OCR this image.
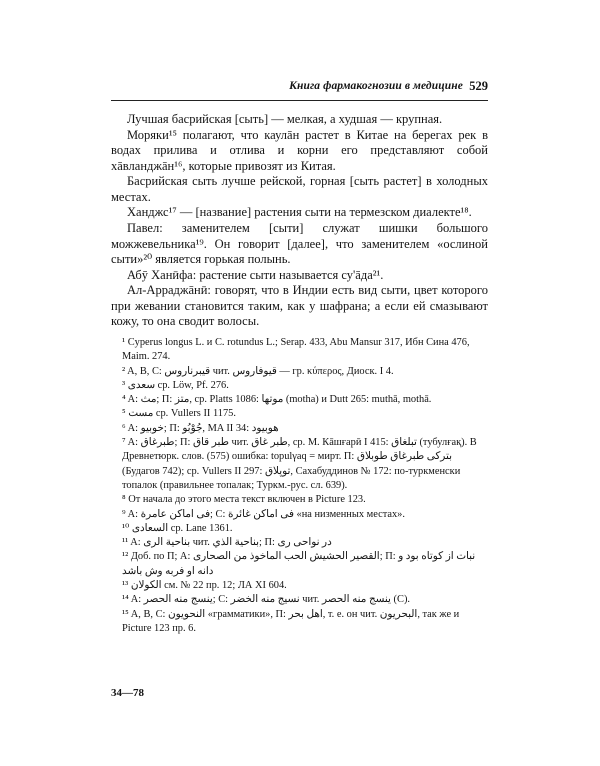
Книга фармакогнозии в медицине 529

Лучшая басрийская [сыть] — мелкая, а худшая — крупная.

Моряки¹⁵ полагают, что каулāн растет в Китае на берегах рек в водах прилива и отлива и корни его представляют собой хāвланджāн¹⁶, которые привозят из Китая.

Басрийская сыть лучше рейской, горная [сыть растет] в холодных местах.

Ханджс¹⁷ — [название] растения сыти на термезском диалекте¹⁸.

Павел: заменителем [сыти] служат шишки большого можжевельника¹⁹. Он говорит [далее], что заменителем «ослиной сыти»²⁰ является горькая полынь.

Абӯ Ханӣфа: растение сыти называется су'āда²¹.

Ал-Арраджāнӣ: говорят, что в Индии есть вид сыти, цвет которого при жевании становится таким, как у шафрана; а если ей смазывают кожу, то она сводит волосы.

¹ Cyperus longus L. и C. rotundus L.; Serap. 433, Abu Mansur 317, Ибн Сина 476, Maim. 274.

² A, B, C: قيبرناروس чит. قيوفاروس — гр. κύπερος, Диоск. I 4.

³ سعدى ср. Löw, Pf. 276.

⁴ A: مث; П: متز, ср. Platts 1086: موتها (motha) и Dutt 265: muthā, mothā.

⁵ مست ср. Vullers II 1175.

⁶ A: خوبيو; П: جُوْبُو, MA II 34: هوبيود

⁷ A: طبرغاق; П: طبر قاق чит. طبر غاق, ср. М. Кāшғарӣ I 415: تبلغاق (тубулғақ). В Древнетюрк. слов. (575) ошибка: topulγaq = мирт. П: بترکی طبرغاق طوبلاق (Будагов 742); ср. Vullers II 297: توپلاق, Сахабуддинов № 172: по-туркменски топалок (правильнее топалак; Туркм.-рус. сл. 639).

⁸ От начала до этого места текст включен в Picture 123.

⁹ A: فى اماکن عامرة; C: فى اماكن غائرة «на низменных местах».

¹⁰ السعادى ср. Lane 1361.

¹¹ A: بناحية الرى чит. بناحية الذي; П: در نواحی ری

¹² Доб. по П; A: القصير الحشيش الحب الماخوذ من الصحارى; П: نبات از کوتاه بود و دانه او فربه وش باشد

¹³ الكولان см. № 22 пр. 12; ЛА XI 604.

¹⁴ A: ينسج منه الحصر; C: نسيج منه الخضر чит. ينسج منه الحصر (C).

¹⁵ A, B, C: النحويون «грамматики», П: اهل بحر, т. е. он чит. البحريون, так же и Picture 123 пр. 6.

34—78
